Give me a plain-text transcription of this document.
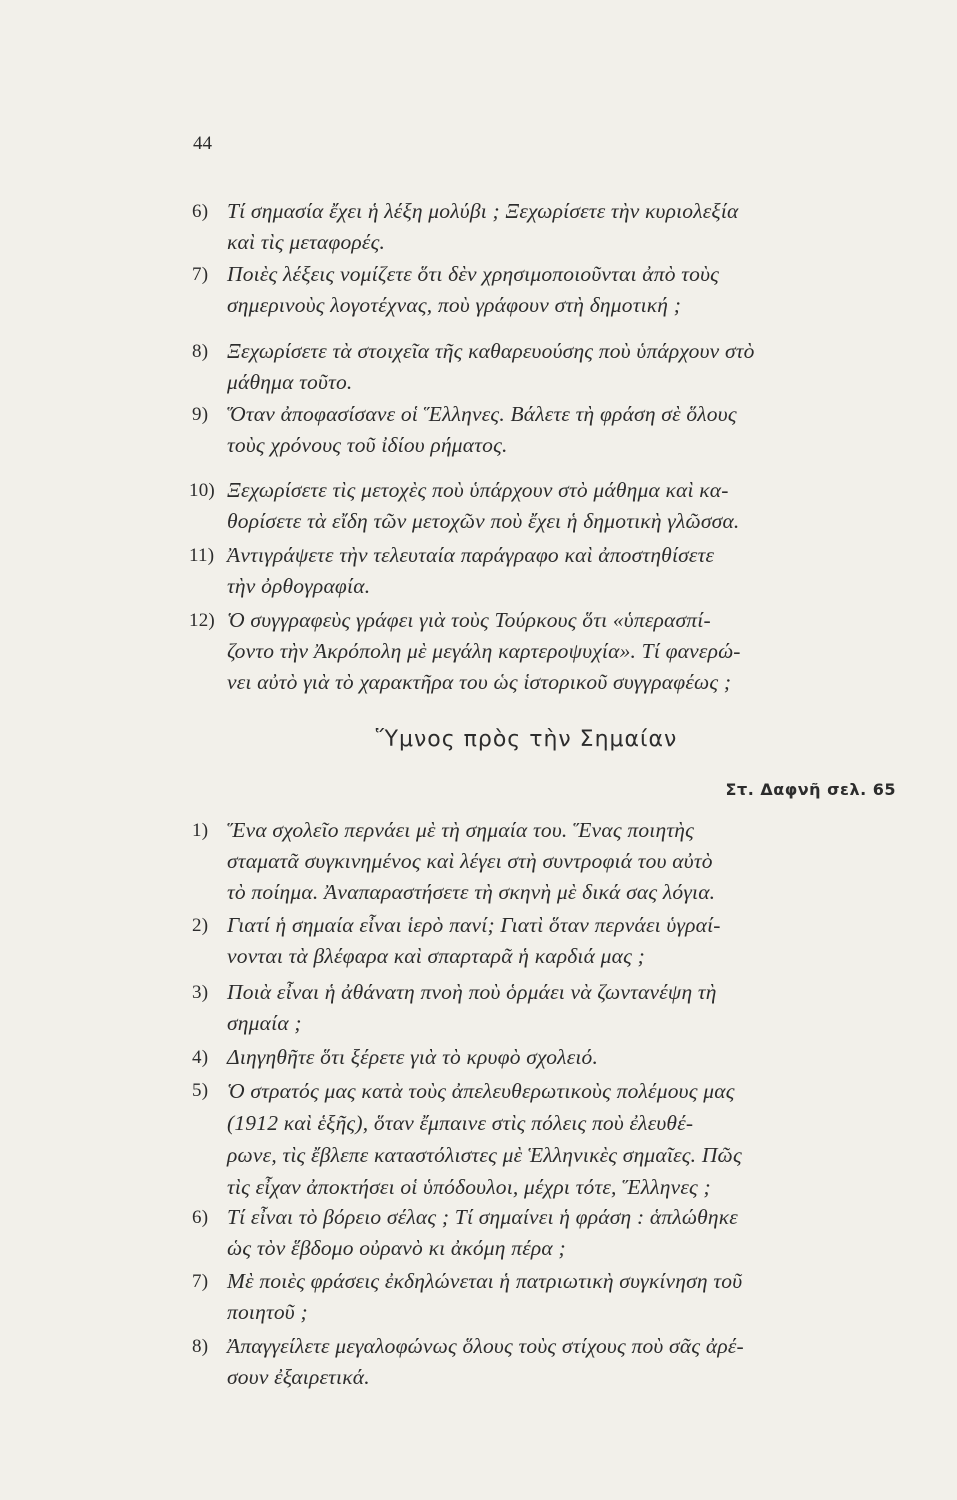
44
6) Τί σημασία ἔχει ἡ λέξη μολύβι ; Ξεχωρίσετε τὴν κυριολεξία
καὶ τὶς μεταφορές.
7) Ποιὲς λέξεις νομίζετε ὅτι δὲν χρησιμοποιοῦνται ἀπὸ τοὺς
σημερινοὺς λογοτέχνας, ποὺ γράφουν στὴ δημοτική ;
8) Ξεχωρίσετε τὰ στοιχεῖα τῆς καθαρευούσης ποὺ ὑπάρχουν στὸ
μάθημα τοῦτο.
9) Ὅταν ἀποφασίσανε οἱ Ἕλληνες. Βάλετε τὴ φράση σὲ ὅλους
τοὺς χρόνους τοῦ ἰδίου ρήματος.
10) Ξεχωρίσετε τὶς μετοχὲς ποὺ ὑπάρχουν στὸ μάθημα καὶ κα-
θορίσετε τὰ εἴδη τῶν μετοχῶν ποὺ ἔχει ἡ δημοτικὴ γλῶσσα.
11) Ἀντιγράψετε τὴν τελευταία παράγραφο καὶ ἀποστηθίσετε
τὴν ὀρθογραφία.
12) Ὁ συγγραφεὺς γράφει γιὰ τοὺς Τούρκους ὅτι «ὑπερασπί-
ζοντο τὴν Ἀκρόπολη μὲ μεγάλη καρτεροψυχία». Τί φανερώ-
νει αὐτὸ γιὰ τὸ χαρακτῆρα του ὡς ἱστορικοῦ συγγραφέως ;
Ὕμνος πρὸς τὴν Σημαίαν
Στ. Δαφνῆ σελ. 65
1) Ἕνα σχολεῖο περνάει μὲ τὴ σημαία του. Ἕνας ποιητὴς
σταματᾶ συγκινημένος καὶ λέγει στὴ συντροφιά του αὐτὸ
τὸ ποίημα. Ἀναπαραστήσετε τὴ σκηνὴ μὲ δικά σας λόγια.
2) Γιατί ἡ σημαία εἶναι ἱερὸ πανί; Γιατὶ ὅταν περνάει ὑγραί-
νονται τὰ βλέφαρα καὶ σπαρταρᾶ ἡ καρδιά μας ;
3) Ποιὰ εἶναι ἡ ἀθάνατη πνοὴ ποὺ ὁρμάει νὰ ζωντανέψη τὴ
σημαία ;
4) Διηγηθῆτε ὅτι ξέρετε γιὰ τὸ κρυφὸ σχολειό.
5) Ὁ στρατός μας κατὰ τοὺς ἀπελευθερωτικοὺς πολέμους μας
(1912 καὶ ἑξῆς), ὅταν ἔμπαινε στὶς πόλεις ποὺ ἐλευθέ-
ρωνε, τὶς ἔβλεπε καταστόλιστες μὲ Ἑλληνικὲς σημαῖες. Πῶς
τὶς εἶχαν ἀποκτήσει οἱ ὑπόδουλοι, μέχρι τότε, Ἕλληνες ;
6) Τί εἶναι τὸ βόρειο σέλας ; Τί σημαίνει ἡ φράση : ἁπλώθηκε
ὡς τὸν ἕβδομο οὐρανὸ κι ἀκόμη πέρα ;
7) Μὲ ποιὲς φράσεις ἐκδηλώνεται ἡ πατριωτικὴ συγκίνηση τοῦ
ποιητοῦ ;
8) Ἀπαγγείλετε μεγαλοφώνως ὅλους τοὺς στίχους ποὺ σᾶς ἀρέ-
σουν ἐξαιρετικά.
